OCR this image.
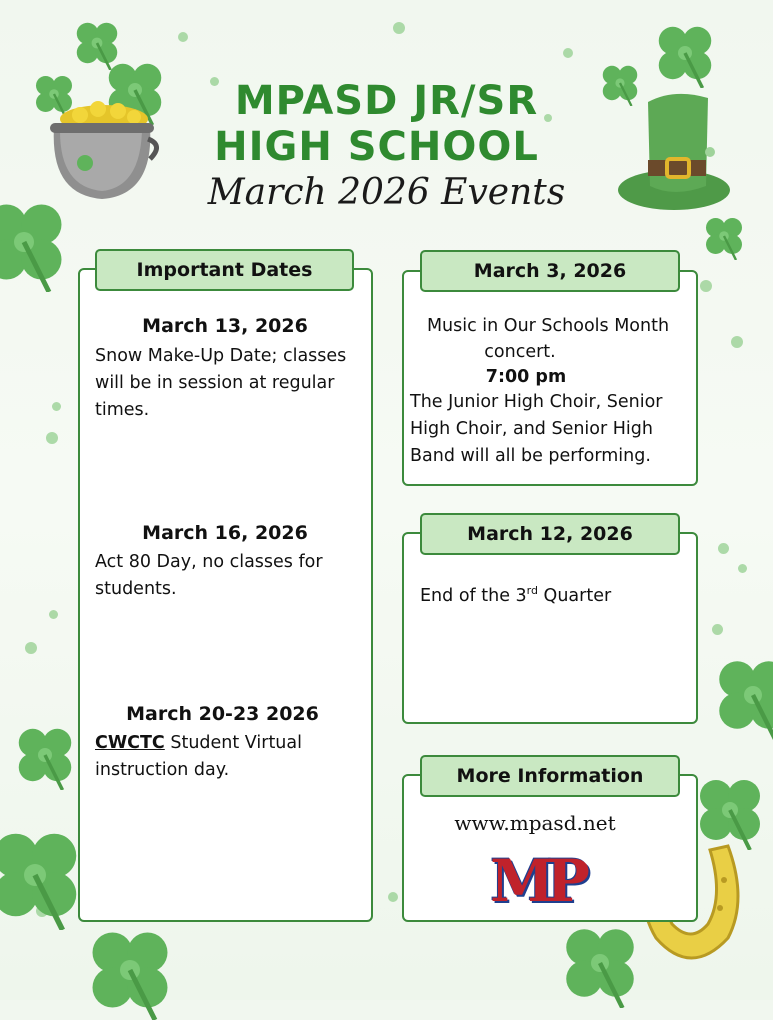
MPASD JR/SR
HIGH SCHOOL
March 2026 Events
Important Dates
March 13, 2026
Snow Make-Up Date; classes will be in session at regular times.
March 16, 2026
Act 80 Day, no classes for students.
March 20-23 2026
CWCTC Student Virtual instruction day.
March 3, 2026
Music in Our Schools Month
concert.
7:00 pm
The Junior High Choir, Senior High Choir, and Senior High Band will all be performing.
March 12, 2026
End of the 3rd Quarter
More Information
www.mpasd.net
MP
